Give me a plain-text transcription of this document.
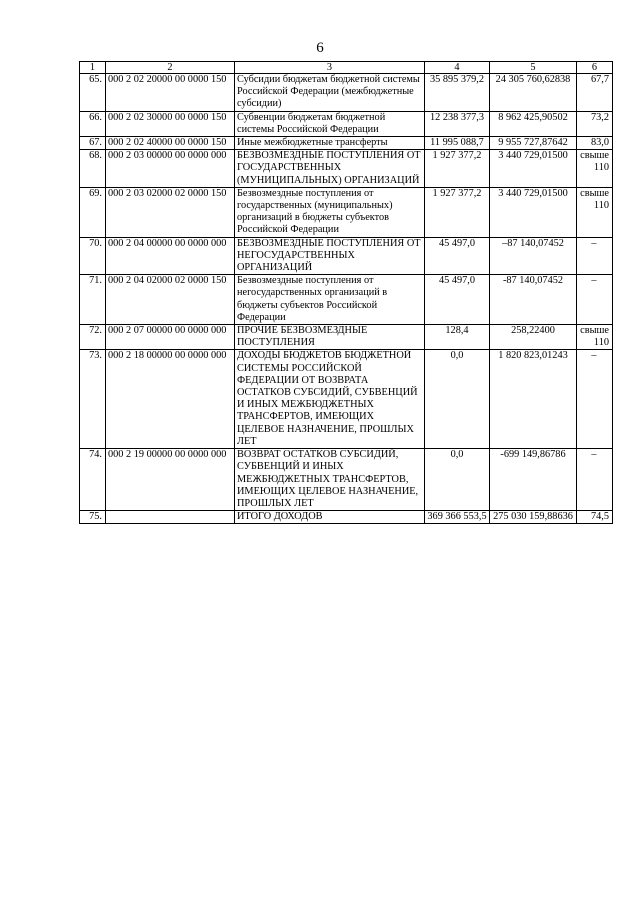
6
1	2	3	4	5	6
65.	000 2 02 20000 00 0000 150	Субсидии бюджетам бюджетной системы Российской Федерации (межбюджетные субсидии)	35 895 379,2	24 305 760,62838	67,7
66.	000 2 02 30000 00 0000 150	Субвенции бюджетам бюджетной системы Российской Федерации	12 238 377,3	8 962 425,90502	73,2
67.	000 2 02 40000 00 0000 150	Иные межбюджетные трансферты	11 995 088,7	9 955 727,87642	83,0
68.	000 2 03 00000 00 0000 000	БЕЗВОЗМЕЗДНЫЕ ПОСТУПЛЕНИЯ ОТ ГОСУДАРСТВЕННЫХ (МУНИЦИПАЛЬНЫХ) ОРГАНИЗАЦИЙ	1 927 377,2	3 440 729,01500	свыше 110
69.	000 2 03 02000 02 0000 150	Безвозмездные поступления от государственных (муниципальных) организаций в бюджеты субъектов Российской Федерации	1 927 377,2	3 440 729,01500	свыше 110
70.	000 2 04 00000 00 0000 000	БЕЗВОЗМЕЗДНЫЕ ПОСТУПЛЕНИЯ ОТ НЕГОСУДАРСТВЕННЫХ ОРГАНИЗАЦИЙ	45 497,0	–87 140,07452	–
71.	000 2 04 02000 02 0000 150	Безвозмездные поступления от негосударственных организаций в бюджеты субъектов Российской Федерации	45 497,0	-87 140,07452	–
72.	000 2 07 00000 00 0000 000	ПРОЧИЕ БЕЗВОЗМЕЗДНЫЕ ПОСТУПЛЕНИЯ	128,4	258,22400	свыше 110
73.	000 2 18 00000 00 0000 000	ДОХОДЫ БЮДЖЕТОВ БЮДЖЕТНОЙ СИСТЕМЫ РОССИЙСКОЙ ФЕДЕРАЦИИ ОТ ВОЗВРАТА ОСТАТКОВ СУБСИДИЙ, СУБВЕНЦИЙ И ИНЫХ МЕЖБЮДЖЕТНЫХ ТРАНСФЕРТОВ, ИМЕЮЩИХ ЦЕЛЕВОЕ НАЗНАЧЕНИЕ, ПРОШЛЫХ ЛЕТ	0,0	1 820 823,01243	–
74.	000 2 19 00000 00 0000 000	ВОЗВРАТ ОСТАТКОВ СУБСИДИЙ, СУБВЕНЦИЙ И ИНЫХ МЕЖБЮДЖЕТНЫХ ТРАНСФЕРТОВ, ИМЕЮЩИХ ЦЕЛЕВОЕ НАЗНАЧЕНИЕ, ПРОШЛЫХ ЛЕТ	0,0	-699 149,86786	–
75.		ИТОГО ДОХОДОВ	369 366 553,5	275 030 159,88636	74,5
